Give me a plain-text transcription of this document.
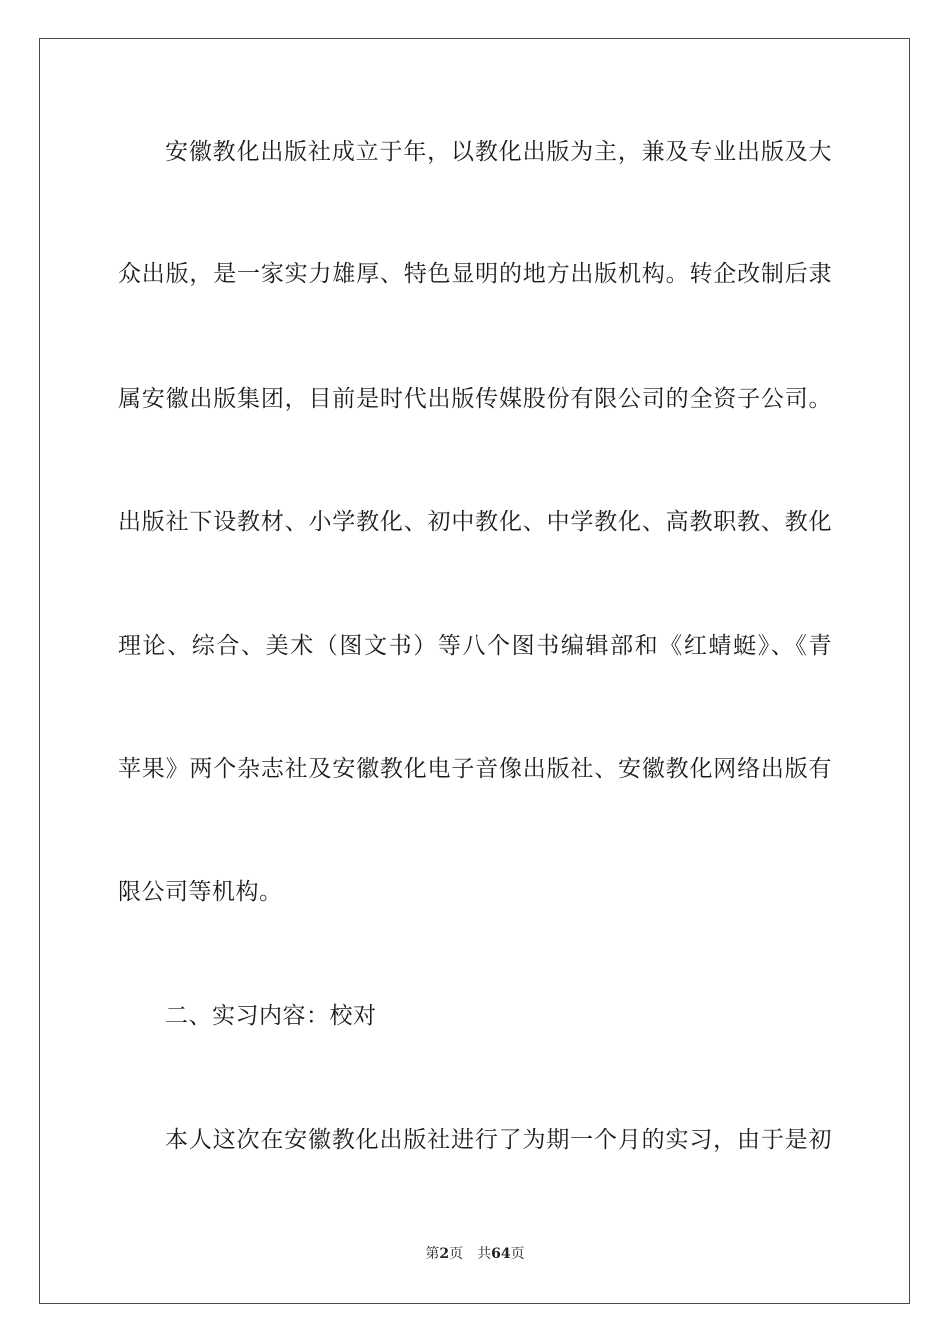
安徽教化出版社成立于年，以教化出版为主，兼及专业出版及大
众出版，是一家实力雄厚、特色显明的地方出版机构。转企改制后隶
属安徽出版集团，目前是时代出版传媒股份有限公司的全资子公司。
出版社下设教材、小学教化、初中教化、中学教化、高教职教、教化
理论、综合、美术（图文书）等八个图书编辑部和《红蜻蜓》、《青
苹果》两个杂志社及安徽教化电子音像出版社、安徽教化网络出版有
限公司等机构。
二、实习内容：校对
本人这次在安徽教化出版社进行了为期一个月的实习，由于是初
第2页 共64页
